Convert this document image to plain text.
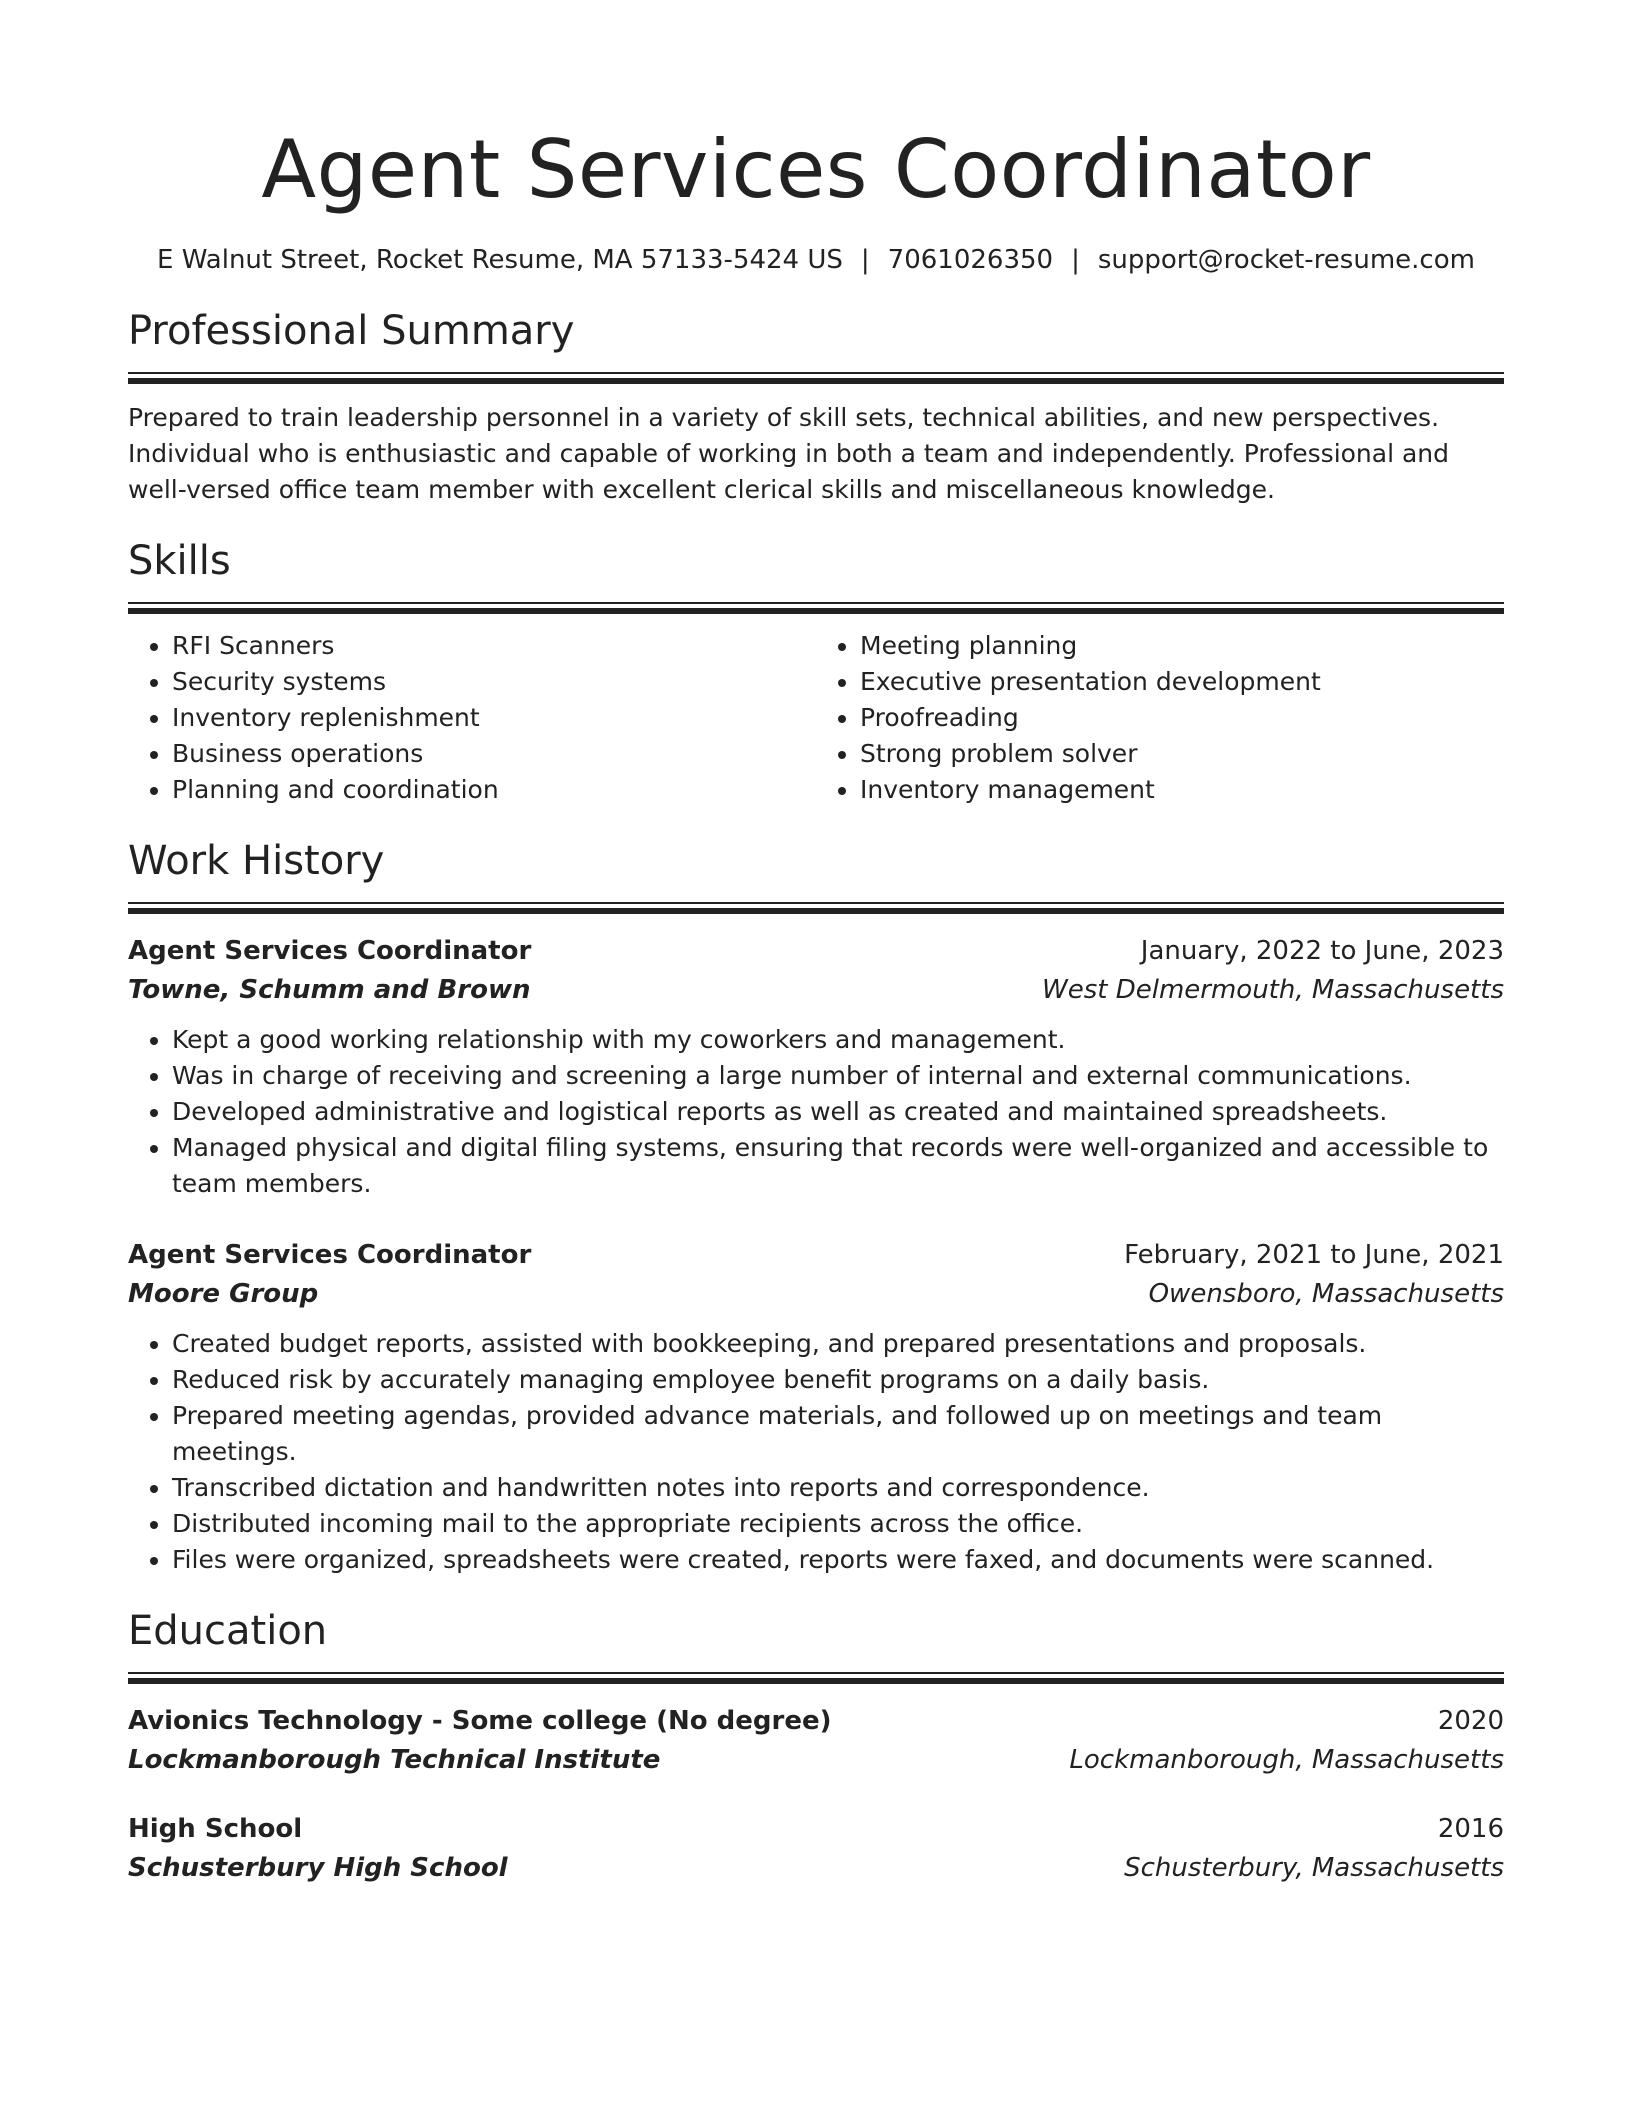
Agent Services Coordinator
E Walnut Street, Rocket Resume, MA 57133-5424 US | 7061026350 | support@rocket-resume.com
Professional Summary
Prepared to train leadership personnel in a variety of skill sets, technical abilities, and new perspectives. Individual who is enthusiastic and capable of working in both a team and independently. Professional and well-versed office team member with excellent clerical skills and miscellaneous knowledge.
Skills
• RFI Scanners
• Security systems
• Inventory replenishment
• Business operations
• Planning and coordination
• Meeting planning
• Executive presentation development
• Proofreading
• Strong problem solver
• Inventory management
Work History
Agent Services Coordinator	January, 2022 to June, 2023
Towne, Schumm and Brown	West Delmermouth, Massachusetts
• Kept a good working relationship with my coworkers and management.
• Was in charge of receiving and screening a large number of internal and external communications.
• Developed administrative and logistical reports as well as created and maintained spreadsheets.
• Managed physical and digital filing systems, ensuring that records were well-organized and accessible to team members.
Agent Services Coordinator	February, 2021 to June, 2021
Moore Group	Owensboro, Massachusetts
• Created budget reports, assisted with bookkeeping, and prepared presentations and proposals.
• Reduced risk by accurately managing employee benefit programs on a daily basis.
• Prepared meeting agendas, provided advance materials, and followed up on meetings and team meetings.
• Transcribed dictation and handwritten notes into reports and correspondence.
• Distributed incoming mail to the appropriate recipients across the office.
• Files were organized, spreadsheets were created, reports were faxed, and documents were scanned.
Education
Avionics Technology - Some college (No degree)	2020
Lockmanborough Technical Institute	Lockmanborough, Massachusetts
High School	2016
Schusterbury High School	Schusterbury, Massachusetts
